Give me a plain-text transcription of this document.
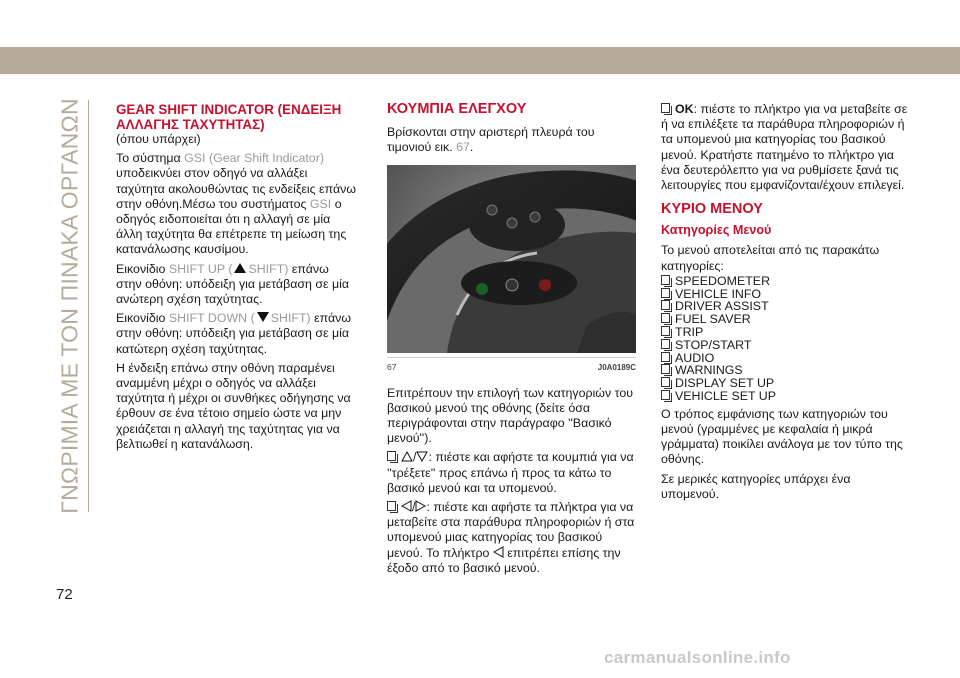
ΓΝΩΡΙΜΙΑ ΜΕ ΤΟΝ ΠΙΝΑΚΑ ΟΡΓΑΝΩΝ	GEAR SHIFT INDICATOR (ΕΝΔΕΙΞΗ ΑΛΛΑΓΗΣ ΤΑΧΥΤΗΤΑΣ)

(όπου υπάρχει)

Το σύστημα GSI (Gear Shift Indicator) υποδεικνύει στον οδηγό να αλλάξει ταχύτητα ακολουθώντας τις ενδείξεις επάνω στην οθόνη.Μέσω του συστήματος GSI ο οδηγός ειδοποιείται ότι η αλλαγή σε μία άλλη ταχύτητα θα επέτρεπε τη μείωση της κατανάλωσης καυσίμου.

Εικονίδιο SHIFT UP ( SHIFT) επάνω στην οθόνη: υπόδειξη για μετάβαση σε μία ανώτερη σχέση ταχύτητας.

Εικονίδιο SHIFT DOWN ( SHIFT) επάνω στην οθόνη: υπόδειξη για μετάβαση σε μία κατώτερη σχέση ταχύτητας.

Η ένδειξη επάνω στην οθόνη παραμένει αναμμένη μέχρι ο οδηγός να αλλάξει ταχύτητα ή μέχρι οι συνθήκες οδήγησης να έρθουν σε ένα τέτοιο σημείο ώστε να μην χρειάζεται η αλλαγή της ταχύτητας για να βελτιωθεί η κατανάλωση.

ΚΟΥΜΠΙΑ ΕΛΕΓΧΟΥ

Βρίσκονται στην αριστερή πλευρά του τιμονιού εικ. 67.

67	J0A0189C

Επιτρέπουν την επιλογή των κατηγοριών του βασικού μενού της οθόνης (δείτε όσα περιγράφονται στην παράγραφο ''Βασικό μενού'').

/ : πιέστε και αφήστε τα κουμπιά για να ''τρέξετε'' προς επάνω ή προς τα κάτω το βασικό μενού και τα υπομενού.

/ : πιέστε και αφήστε τα πλήκτρα για να μεταβείτε στα παράθυρα πληροφοριών ή στα υπομενού μιας κατηγορίας του βασικού μενού. Το πλήκτρο  επιτρέπει επίσης την έξοδο από το βασικό μενού.

OK: πιέστε το πλήκτρο για να μεταβείτε σε ή να επιλέξετε τα παράθυρα πληροφοριών ή τα υπομενού μια κατηγορίας του βασικού μενού. Κρατήστε πατημένο το πλήκτρο για ένα δευτερόλεπτο για να ρυθμίσετε ξανά τις λειτουργίες που εμφανίζονται/έχουν επιλεγεί.

ΚΥΡΙΟ ΜΕΝΟΥ
Κατηγορίες Μενού

Το μενού αποτελείται από τις παρακάτω κατηγορίες:

SPEEDOMETER
VEHICLE INFO
DRIVER ASSIST
FUEL SAVER
TRIP
STOP/START
AUDIO
WARNINGS
DISPLAY SET UP
VEHICLE SET UP

Ο τρόπος εμφάνισης των κατηγοριών του μενού (γραμμένες με κεφαλαία ή μικρά γράμματα) ποικίλει ανάλογα με τον τύπο της οθόνης.

Σε μερικές κατηγορίες υπάρχει ένα υπομενού.

72
carmanualsonline.info
